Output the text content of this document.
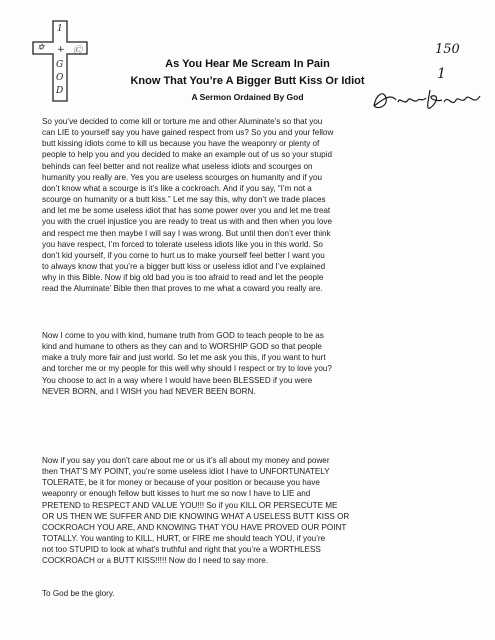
✡	Ⓒ
1
+
G
O
D
150
1
As You Hear Me Scream In Pain
Know That You’re A Bigger Butt Kiss Or Idiot
A Sermon Ordained By God
So you’ve decided to come kill or torture me and other Aluminate’s so that you
can LIE to yourself say you have gained respect from us? So you and your fellow
butt kissing idiots come to kill us because you have the weaponry or plenty of
people to help you and you decided to make an example out of us so your stupid
behinds can feel better and not realize what useless idiots and scourges on
humanity you really are. Yes you are useless scourges on humanity and if you
don’t know what a scourge is it’s like a cockroach. And if you say, “I’m not a
scourge on humanity or a butt kiss.” Let me say this, why don’t we trade places
and let me be some useless idiot that has some power over you and let me treat
you with the cruel injustice you are ready to treat us with and then when you love
and respect me then maybe I will say I was wrong. But until then don’t ever think
you have respect, I’m forced to tolerate useless idiots like you in this world. So
don’t kid yourself, if you come to hurt us to make yourself feel better I want you
to always know that you’re a bigger butt kiss or useless idiot and I’ve explained
why in this Bible. Now if big old bad you is too afraid to read and let the people
read the Aluminate’ Bible then that proves to me what a coward you really are.
Now I come to you with kind, humane truth from GOD to teach people to be as
kind and humane to others as they can and to WORSHIP GOD so that people
make a truly more fair and just world. So let me ask you this, if you want to hurt
and torcher me or my people for this well why should I respect or try to love you?
You choose to act in a way where I would have been BLESSED if you were
NEVER BORN, and I WISH you had NEVER BEEN BORN.
Now if you say you don’t care about me or us it’s all about my money and power
then THAT’S MY POINT, you’re some useless idiot I have to UNFORTUNATELY
TOLERATE, be it for money or because of your position or because you have
weaponry or enough fellow butt kisses to hurt me so now I have to LIE and
PRETEND to RESPECT AND VALUE YOU!!! So if you KILL OR PERSECUTE ME
OR US THEN WE SUFFER AND DIE KNOWING WHAT A USELESS BUTT KISS OR
COCKROACH YOU ARE, AND KNOWING THAT YOU HAVE PROVED OUR POINT
TOTALLY. You wanting to KILL, HURT, or FIRE me should teach YOU, if you’re
not too STUPID to look at what’s truthful and right that you’re a WORTHLESS
COCKROACH or a BUTT KISS!!!!! Now do I need to say more.
To God be the glory.
